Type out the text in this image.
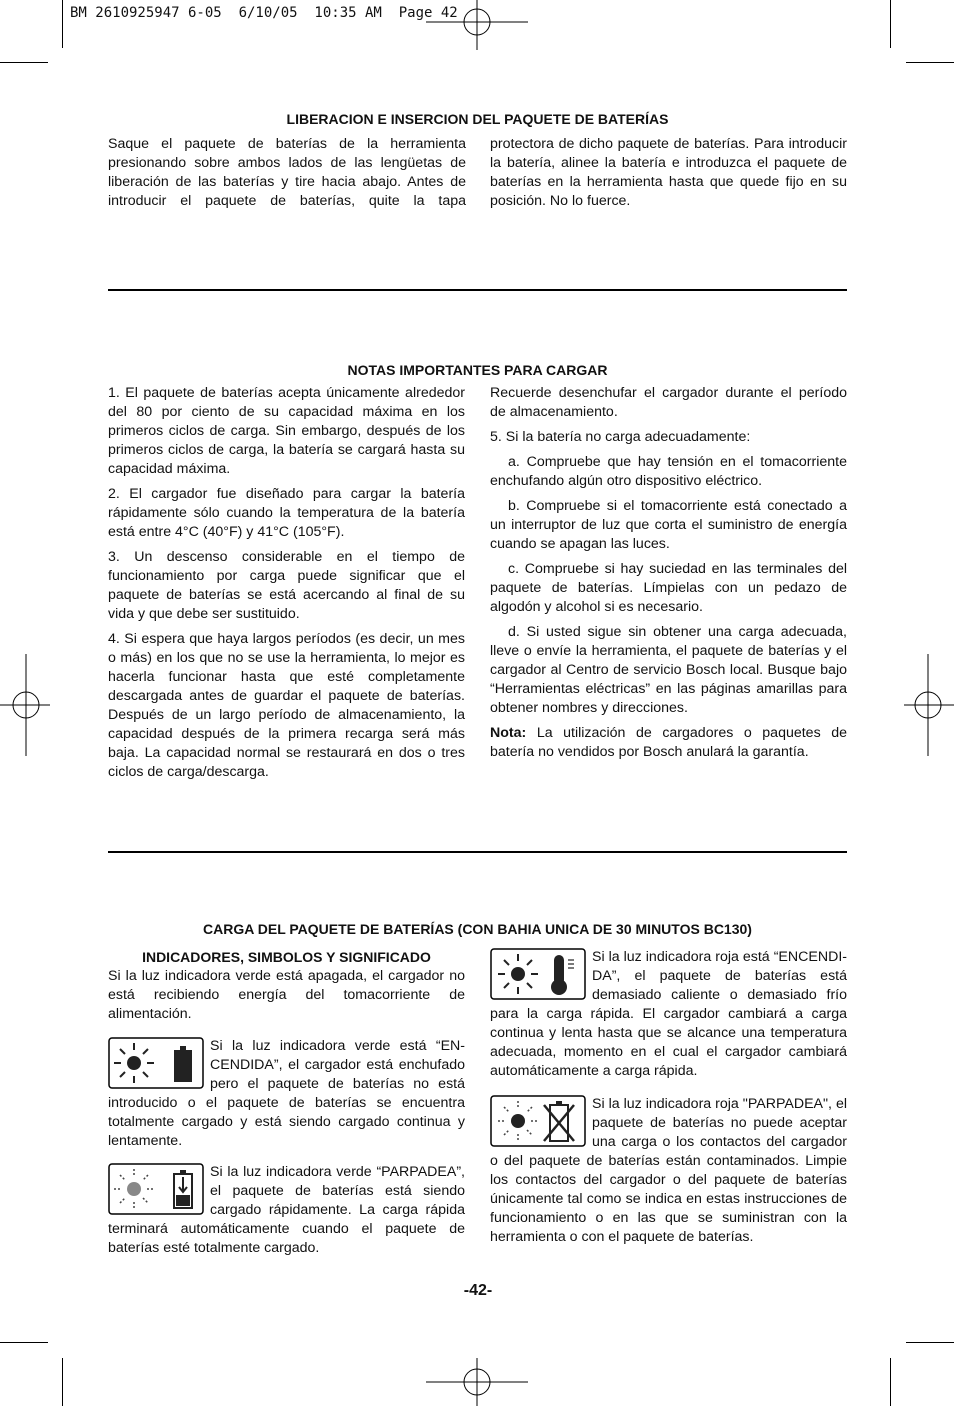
BM 2610925947 6-05  6/10/05  10:35 AM  Page 42
LIBERACION E INSERCION DEL PAQUETE DE BATERÍAS

Saque el paquete de baterías de la herramienta presionando sobre ambos lados de las lengüetas de liberación de las baterías y tire hacia abajo. Antes de introducir el paquete de baterías, quite la tapa

protectora de dicho paquete de baterías. Para introducir la batería, alinee la batería e introduzca el paquete de baterías en la herramienta hasta que quede fijo en su posición. No lo fuerce.

NOTAS IMPORTANTES PARA CARGAR

1. El paquete de baterías acepta únicamente alrededor del 80 por ciento de su capacidad máxima en los primeros ciclos de carga. Sin embargo, después de los primeros ciclos de carga, la batería se cargará hasta su capacidad máxima.

2. El cargador fue diseñado para cargar la batería rápidamente sólo cuando la temperatura de la batería está entre 4°C (40°F) y 41°C (105°F).

3. Un descenso considerable en el tiempo de funcionamiento por carga puede significar que el paquete de baterías se está acercando al final de su vida y que debe ser sustituido.

4. Si espera que haya largos períodos (es decir, un mes o más) en los que no se use la herramienta, lo mejor es hacerla funcionar hasta que esté completamente descargada antes de guardar el paquete de baterías. Después de un largo período de almacenamiento, la capacidad después de la primera recarga será más baja. La capacidad normal se restaurará en dos o tres ciclos de carga/descarga.

Recuerde desenchufar el cargador durante el período de almacenamiento.

5. Si la batería no carga adecuadamente:

a. Compruebe que hay tensión en el tomacorriente enchufando algún otro dispositivo eléctrico.

b. Compruebe si el tomacorriente está conectado a un interruptor de luz que corta el suministro de energía cuando se apagan las luces.

c. Compruebe si hay suciedad en las terminales del paquete de baterías. Límpielas con un pedazo de algodón y alcohol si es necesario.

d. Si usted sigue sin obtener una carga adecuada, lleve o envíe la herramienta, el paquete de baterías y el cargador al Centro de servicio Bosch local. Busque bajo “Herramientas eléctricas” en las páginas amarillas para obtener nombres y direcciones.

Nota: La utilización de cargadores o paquetes de batería no vendidos por Bosch anulará la garantía.

CARGA DEL PAQUETE DE BATERÍAS (CON BAHIA UNICA DE 30 MINUTOS BC130)
INDICADORES, SIMBOLOS Y SIGNIFICADO

Si la luz indicadora verde está apagada, el cargador no está recibiendo energía del tomacorriente de alimentación.

Si la luz indicadora verde está “EN-CENDIDA”, el cargador está enchufado pero el paquete de baterías no está introducido o el paquete de baterías se encuentra totalmente cargado y está siendo cargado continua y lentamente.

Si la luz indicadora verde “PARPADEA”, el paquete de baterías está siendo cargado rápidamente. La carga rápida terminará automáticamente cuando el paquete de baterías esté totalmente cargado.

Si la luz indicadora roja está “ENCENDI-DA”, el paquete de baterías está demasiado caliente o demasiado frío para la carga rápida. El cargador cambiará a carga continua y lenta hasta que se alcance una temperatura adecuada, momento en el cual el cargador cambiará automáticamente a carga rápida.

Si la luz indicadora roja "PARPADEA", el paquete de baterías no puede aceptar una carga o los contactos del cargador o del paquete de baterías están contaminados. Limpie los contactos del cargador o del paquete de baterías únicamente tal como se indica en estas instrucciones de funcionamiento o en las que se suministran con la herramienta o con el paquete de baterías.

-42-
